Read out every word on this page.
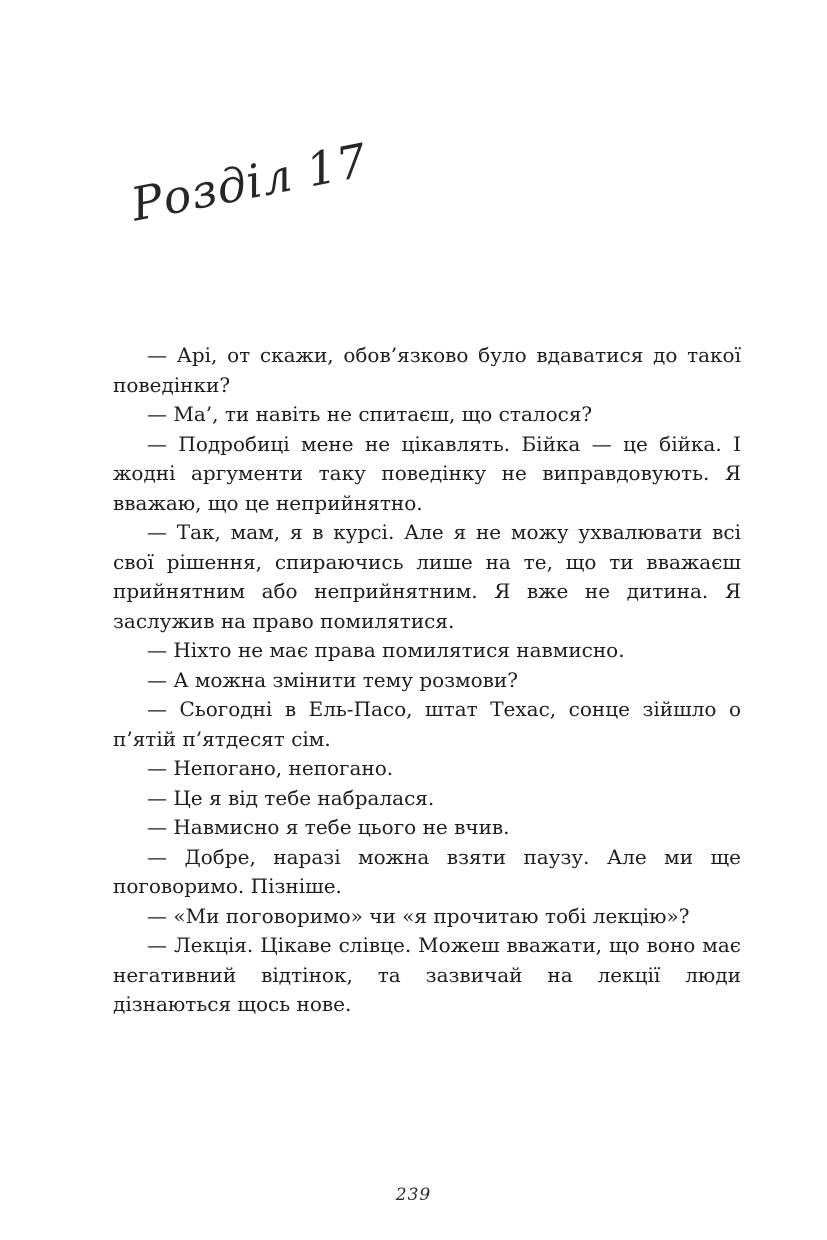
Розділ 17

— Арі, от скажи, обов’язково було вдаватися до такої поведінки?

— Ма’, ти навіть не спитаєш, що сталося?

— Подробиці мене не цікавлять. Бійка — це бійка. І жодні аргументи таку поведінку не виправдовують. Я вважаю, що це неприйнятно.

— Так, мам, я в курсі. Але я не можу ухвалювати всі свої рішення, спираючись лише на те, що ти вважаєш прийнятним або неприйнятним. Я вже не дитина. Я заслужив на право помилятися.

— Ніхто не має права помилятися навмисно.

— А можна змінити тему розмови?

— Сьогодні в Ель-Пасо, штат Техас, сонце зійшло о п’ятій п’ятдесят сім.

— Непогано, непогано.

— Це я від тебе набралася.

— Навмисно я тебе цього не вчив.

— Добре, наразі можна взяти паузу. Але ми ще поговоримо. Пізніше.

— «Ми поговоримо» чи «я прочитаю тобі лекцію»?

— Лекція. Цікаве слівце. Можеш вважати, що воно має негативний відтінок, та зазвичай на лекції люди дізнаються щось нове.

239
